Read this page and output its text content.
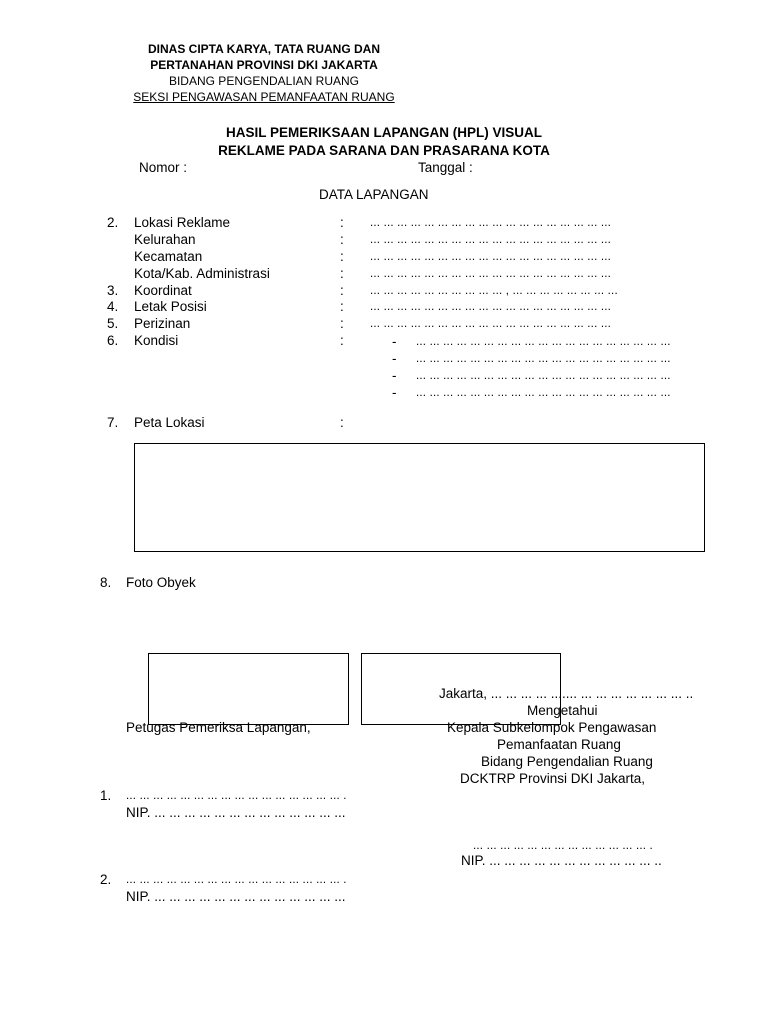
DINAS CIPTA KARYA, TATA RUANG DAN
PERTANAHAN PROVINSI DKI JAKARTA
BIDANG PENGENDALIAN RUANG
SEKSI PENGAWASAN PEMANFAATAN RUANG
HASIL PEMERIKSAAN LAPANGAN (HPL) VISUAL
REKLAME PADA SARANA DAN PRASARANA KOTA
Nomor :	Tanggal :
DATA LAPANGAN
2. Lokasi Reklame	: ... ... ... ... ... ... ... ... ... ... ... ... ... ... ... ... ... ...
Kelurahan	: ... ... ... ... ... ... ... ... ... ... ... ... ... ... ... ... ... ...
Kecamatan	: ... ... ... ... ... ... ... ... ... ... ... ... ... ... ... ... ... ...
Kota/Kab. Administrasi	: ... ... ... ... ... ... ... ... ... ... ... ... ... ... ... ... ... ...
3. Koordinat	: ... ... ... ... ... ... ... ... ... ... , ... ... ... ... ... ... ... ...
4. Letak Posisi	: ... ... ... ... ... ... ... ... ... ... ... ... ... ... ... ... ... ...
5. Perizinan	: ... ... ... ... ... ... ... ... ... ... ... ... ... ... ... ... ... ...
6. Kondisi	:	- ... ... ... ... ... ... ... ... ... ... ... ... ... ... ... ... ... ... ...
- ... ... ... ... ... ... ... ... ... ... ... ... ... ... ... ... ... ... ...
- ... ... ... ... ... ... ... ... ... ... ... ... ... ... ... ... ... ... ...
- ... ... ... ... ... ... ... ... ... ... ... ... ... ... ... ... ... ... ...
7. Peta Lokasi	:
8. Foto Obyek
Jakarta, ... ... ... ... ....... ... ... ... ... ... ... ... ..
Mengetahui
Petugas Pemeriksa Lapangan,	Kepala Subkelompok Pengawasan
Pemanfaatan Ruang
Bidang Pengendalian Ruang
DCKTRP Provinsi DKI Jakarta,
1. ... ... ... ... ... ... ... ... ... ... ... ... ... ... ... ... .
NIP. ... ... ... ... ... ... ... ... ... ... ... ... ...
... ... ... ... ... ... ... ... ... ... ... ... ... .
NIP. ... ... ... ... ... ... ... ... ... ... ... ..
2. ... ... ... ... ... ... ... ... ... ... ... ... ... ... ... ... .
NIP. ... ... ... ... ... ... ... ... ... ... ... ... ...
